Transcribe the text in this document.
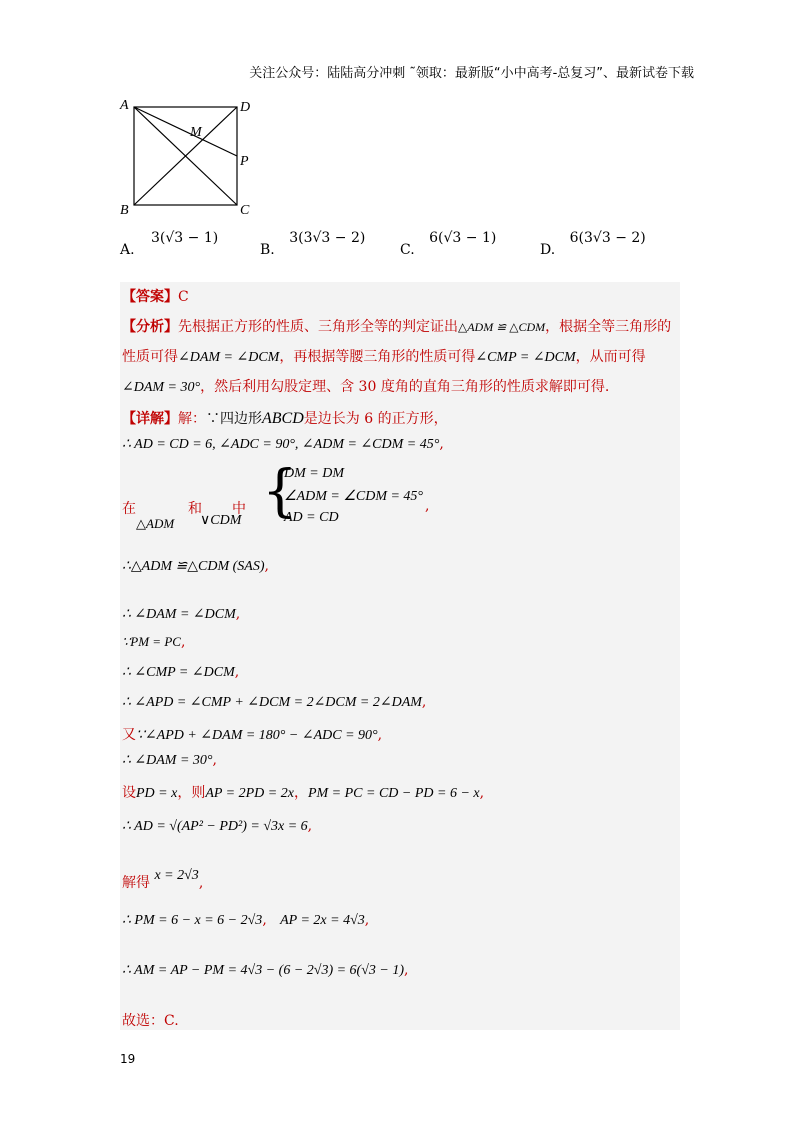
关注公众号：陆陆高分冲刺 ˜领取：最新版“小中高考-总复习”、最新试卷下载
A	D
M
P
B	C
A. 3(√3 − 1)
B. 3(3√3 − 2)
C. 6(√3 − 1)
D. 6(3√3 − 2)
【答案】C
【分析】先根据正方形的性质、三角形全等的判定证出△ADM ≌ △CDM，根据全等三角形的
性质可得∠DAM = ∠DCM，再根据等腰三角形的性质可得∠CMP = ∠DCM，从而可得
∠DAM = 30°，然后利用勾股定理、含 30 度角的直角三角形的性质求解即可得.
【详解】解：∵四边形ABCD是边长为 6 的正方形，
∴ AD = CD = 6, ∠ADC = 90°, ∠ADM = ∠CDM = 45°,
在	和 中
△ADM ∨CDM {
DM = DM
∠ADM = ∠CDM = 45°
AD = CD
,
∴△ADM ≌△CDM (SAS),
∴ ∠DAM = ∠DCM,
∵PM = PC,
∴ ∠CMP = ∠DCM,
∴ ∠APD = ∠CMP + ∠DCM = 2∠DCM = 2∠DAM,
又∵∠APD + ∠DAM = 180° − ∠ADC = 90°,
∴ ∠DAM = 30°,
设PD = x，则AP = 2PD = 2x，PM = PC = CD − PD = 6 − x,
∴ AD = √(AP² − PD²) = √3x = 6,
解得 x = 2√3,
∴ PM = 6 − x = 6 − 2√3, AP = 2x = 4√3,
∴ AM = AP − PM = 4√3 − (6 − 2√3) = 6(√3 − 1),
故选：C.
19
